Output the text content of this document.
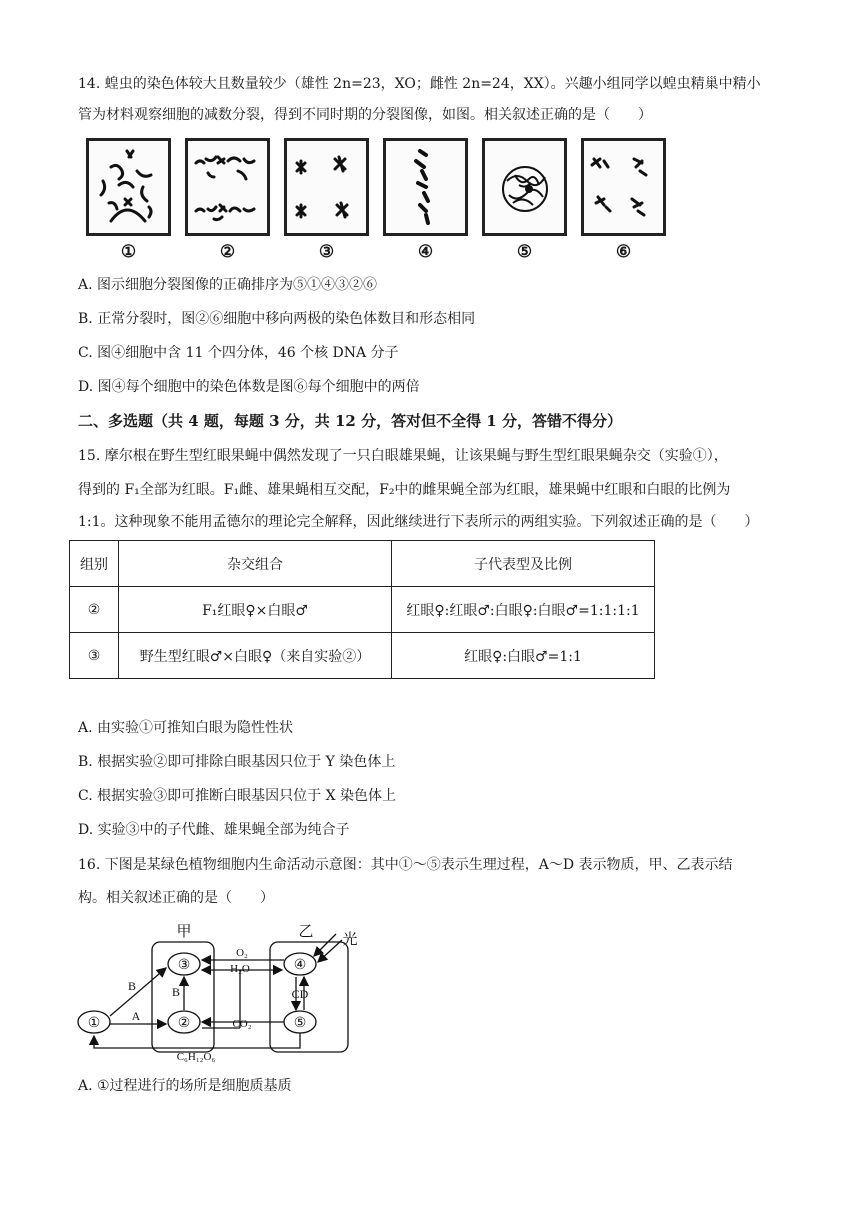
14. 蝗虫的染色体较大且数量较少（雄性 2n=23，XO；雌性 2n=24，XX）。兴趣小组同学以蝗虫精巢中精小
管为材料观察细胞的减数分裂，得到不同时期的分裂图像，如图。相关叙述正确的是（　　）
①	②	③	④	⑤	⑥
A. 图示细胞分裂图像的正确排序为⑤①④③②⑥
B. 正常分裂时，图②⑥细胞中移向两极的染色体数目和形态相同
C. 图④细胞中含 11 个四分体，46 个核 DNA 分子
D. 图④每个细胞中的染色体数是图⑥每个细胞中的两倍
二、多选题（共 4 题，每题 3 分，共 12 分，答对但不全得 1 分，答错不得分）
15. 摩尔根在野生型红眼果蝇中偶然发现了一只白眼雄果蝇，让该果蝇与野生型红眼果蝇杂交（实验①），
得到的 F₁全部为红眼。F₁雌、雄果蝇相互交配，F₂中的雌果蝇全部为红眼，雄果蝇中红眼和白眼的比例为
1:1。这种现象不能用孟德尔的理论完全解释，因此继续进行下表所示的两组实验。下列叙述正确的是（　　）
组别	杂交组合	子代表型及比例
②	F₁红眼♀×白眼♂	红眼♀:红眼♂:白眼♀:白眼♂=1:1:1:1
③	野生型红眼♂×白眼♀（来自实验②）	红眼♀:白眼♂=1:1
A. 由实验①可推知白眼为隐性性状
B. 根据实验②即可排除白眼基因只位于 Y 染色体上
C. 根据实验③即可推断白眼基因只位于 X 染色体上
D. 实验③中的子代雌、雄果蝇全部为纯合子
16. 下图是某绿色植物细胞内生命活动示意图：其中①～⑤表示生理过程，A～D 表示物质，甲、乙表示结
构。相关叙述正确的是（　　）
甲	乙 光
①	②
③	④
⑤
O₂
H₂O
CO₂
C₆H₁₂O₆
A
B	B	CD
A. ①过程进行的场所是细胞质基质
